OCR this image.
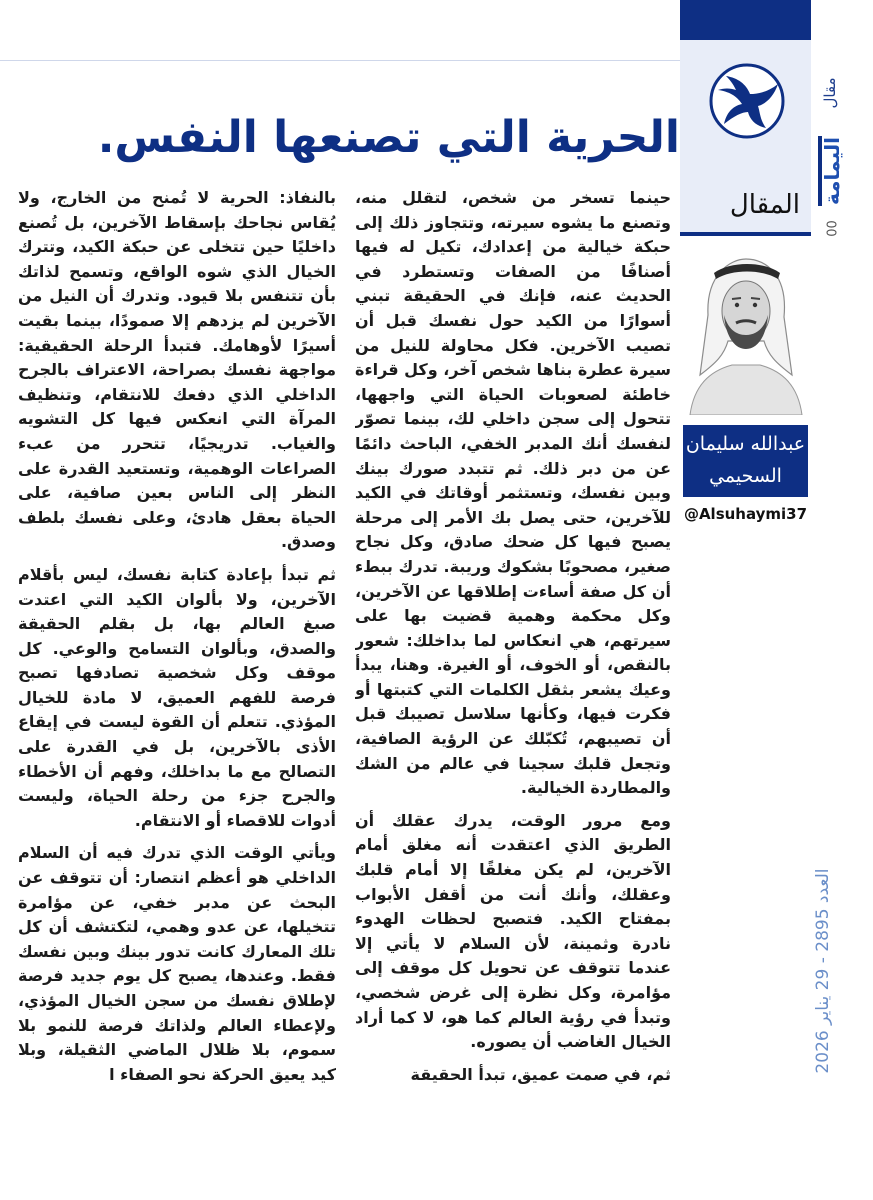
المقال
مقال
اليمامة
00
العدد 2895 - 29 يناير 2026
الحرية التي تصنعها النفس.
عبدالله سليمان
السحيمي
@Alsuhaymi37

حينما تسخر من شخص، لتقلل منه، وتصنع ما يشوه سيرته، وتتجاوز ذلك إلى حبكة خيالية من إعدادك، تكيل له فيها أصنافًا من الصفات وتستطرد في الحديث عنه، فإنك في الحقيقة تبني أسوارًا من الكيد حول نفسك قبل أن تصيب الآخرين. فكل محاولة للنيل من سيرة عطرة بناها شخص آخر، وكل قراءة خاطئة لصعوبات الحياة التي واجهها، تتحول إلى سجن داخلي لك، بينما تصوّر لنفسك أنك المدبر الخفي، الباحث دائمًا عن من دبر ذلك. ثم تتبدد صورك بينك وبين نفسك، وتستثمر أوقاتك في الكيد للآخرين، حتى يصل بك الأمر إلى مرحلة يصبح فيها كل ضحك صادق، وكل نجاح صغير، مصحوبًا بشكوك وريبة. تدرك ببطء أن كل صفة أساءت إطلاقها عن الآخرين، وكل محكمة وهمية قضيت بها على سيرتهم، هي انعكاس لما بداخلك: شعور بالنقص، أو الخوف، أو الغيرة. وهنا، يبدأ وعيك يشعر بثقل الكلمات التي كتبتها أو فكرت فيها، وكأنها سلاسل تصيبك قبل أن تصيبهم، تُكبّلك عن الرؤية الصافية، وتجعل قلبك سجينا في عالم من الشك والمطاردة الخيالية.

ومع مرور الوقت، يدرك عقلك أن الطريق الذي اعتقدت أنه مغلق أمام الآخرين، لم يكن مغلقًا إلا أمام قلبك وعقلك، وأنك أنت من أقفل الأبواب بمفتاح الكيد. فتصبح لحظات الهدوء نادرة وثمينة، لأن السلام لا يأتي إلا عندما تتوقف عن تحويل كل موقف إلى مؤامرة، وكل نظرة إلى غرض شخصي، وتبدأ في رؤية العالم كما هو، لا كما أراد الخيال الغاضب أن يصوره.

ثم، في صمت عميق، تبدأ الحقيقة

بالنفاذ: الحرية لا تُمنح من الخارج، ولا يُقاس نجاحك بإسقاط الآخرين، بل تُصنع داخليًا حين تتخلى عن حبكة الكيد، وتترك الخيال الذي شوه الواقع، وتسمح لذاتك بأن تتنفس بلا قيود. وتدرك أن النيل من الآخرين لم يزدهم إلا صمودًا، بينما بقيت أسيرًا لأوهامك. فتبدأ الرحلة الحقيقية: مواجهة نفسك بصراحة، الاعتراف بالجرح الداخلي الذي دفعك للانتقام، وتنظيف المرآة التي انعكس فيها كل التشويه والغياب. تدريجيًا، تتحرر من عبء الصراعات الوهمية، وتستعيد القدرة على النظر إلى الناس بعين صافية، على الحياة بعقل هادئ، وعلى نفسك بلطف وصدق.

ثم تبدأ بإعادة كتابة نفسك، ليس بأقلام الآخرين، ولا بألوان الكيد التي اعتدت صبغ العالم بها، بل بقلم الحقيقة والصدق، وبألوان التسامح والوعي. كل موقف وكل شخصية تصادفها تصبح فرصة للفهم العميق، لا مادة للخيال المؤذي. تتعلم أن القوة ليست في إيقاع الأذى بالآخرين، بل في القدرة على التصالح مع ما بداخلك، وفهم أن الأخطاء والجرح جزء من رحلة الحياة، وليست أدوات للاقصاء أو الانتقام.

ويأتي الوقت الذي تدرك فيه أن السلام الداخلي هو أعظم انتصار: أن تتوقف عن البحث عن مدبر خفي، عن مؤامرة تتخيلها، عن عدو وهمي، لتكتشف أن كل تلك المعارك كانت تدور بينك وبين نفسك فقط. وعندها، يصبح كل يوم جديد فرصة لإطلاق نفسك من سجن الخيال المؤذي، ولإعطاء العالم ولذاتك فرصة للنمو بلا سموم، بلا ظلال الماضي الثقيلة، وبلا كيد يعيق الحركة نحو الصفاء ا
